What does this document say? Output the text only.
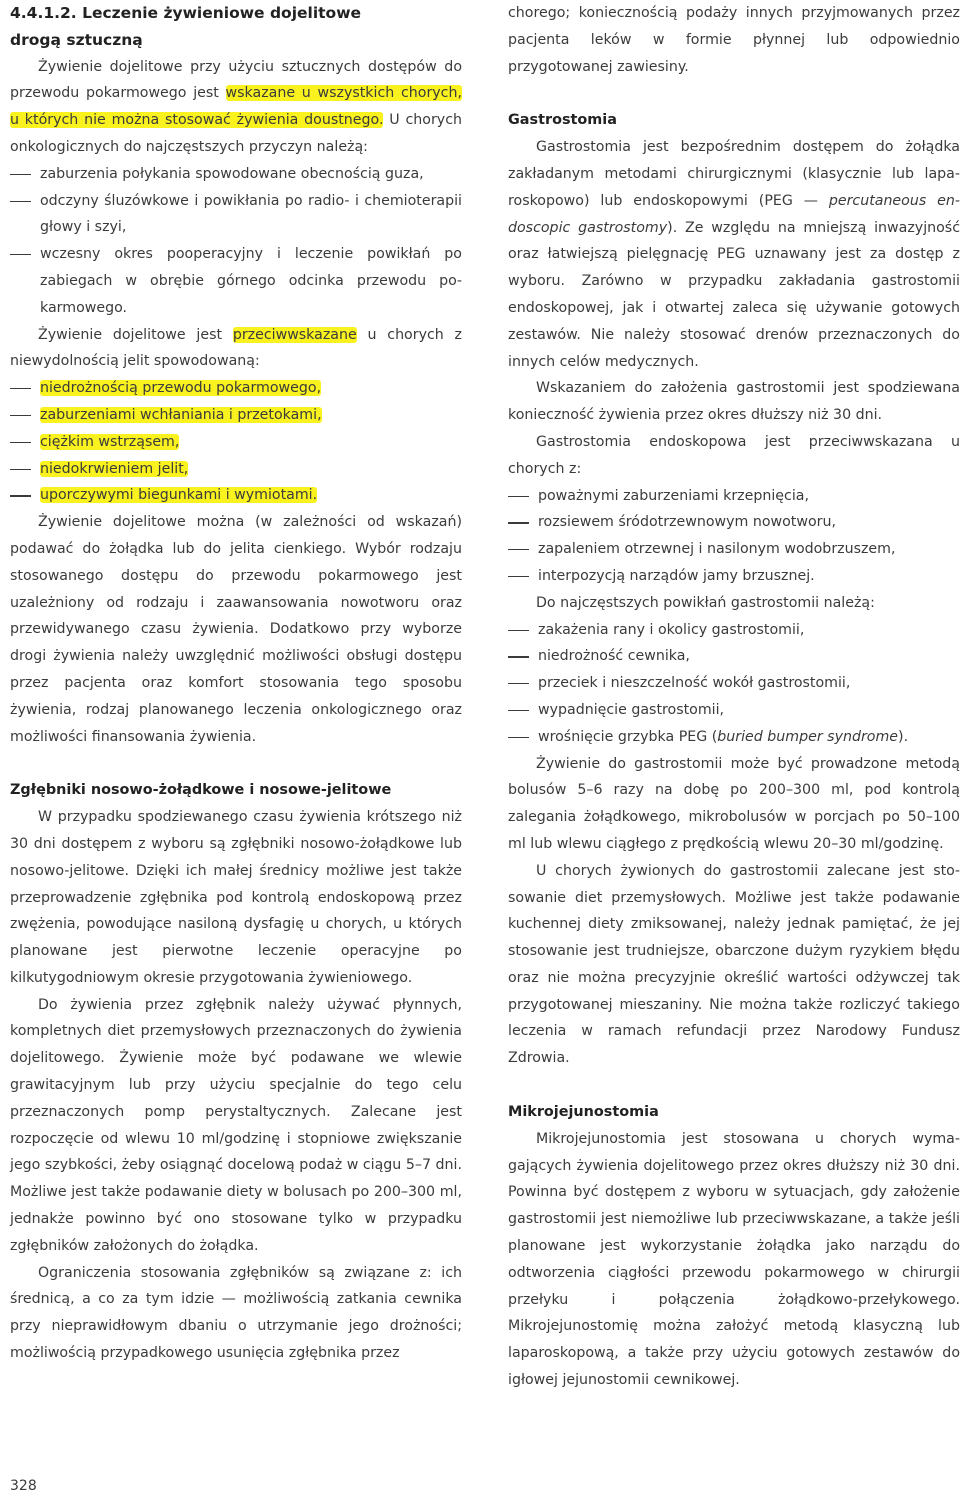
4.4.1.2. Leczenie żywieniowe dojelitowe
drogą sztuczną

Żywienie dojelitowe przy użyciu sztucznych dostępów do przewodu pokarmowego jest wskazane u wszystkich chorych, u których nie można stosować żywienia doustnego. U chorych onkologicznych do najczęstszych przyczyn należą:

zaburzenia połykania spowodowane obecnością guza,
odczyny śluzówkowe i powikłania po radio- i chemioterapii głowy i szyi,
wczesny okres pooperacyjny i leczenie powikłań po zabiegach w obrębie górnego odcinka przewodu pokarmowego.

Żywienie dojelitowe jest przeciwwskazane u chorych z niewydolnością jelit spowodowaną:

niedrożnością przewodu pokarmowego,
zaburzeniami wchłaniania i przetokami,
ciężkim wstrząsem,
niedokrwieniem jelit,
uporczywymi biegunkami i wymiotami.

Żywienie dojelitowe można (w zależności od wskazań) podawać do żołądka lub do jelita cienkiego. Wybór rodzaju stosowanego dostępu do przewodu pokarmowego jest uzależniony od rodzaju i zaawansowania nowotworu oraz przewidywanego czasu żywienia. Dodatkowo przy wyborze drogi żywienia należy uwzględnić możliwości obsługi dostępu przez pacjenta oraz komfort stosowania tego sposobu żywienia, rodzaj planowanego leczenia onkologicznego oraz możliwości finansowania żywienia.

Zgłębniki nosowo-żołądkowe i nosowe-jelitowe

W przypadku spodziewanego czasu żywienia krótszego niż 30 dni dostępem z wyboru są zgłębniki nosowo-żołądkowe lub nosowo-jelitowe. Dzięki ich małej średnicy możliwe jest także przeprowadzenie zgłębnika pod kontrolą endoskopową przez zwężenia, powodujące nasiloną dysfagię u chorych, u których planowane jest pierwotne leczenie operacyjne po kilkutygodniowym okresie przygotowania żywieniowego.

Do żywienia przez zgłębnik należy używać płynnych, kompletnych diet przemysłowych przeznaczonych do żywienia dojelitowego. Żywienie może być podawane we wlewie grawitacyjnym lub przy użyciu specjalnie do tego celu przeznaczonych pomp perystaltycznych. Zalecane jest rozpoczęcie od wlewu 10 ml/godzinę i stopniowe zwiększanie jego szybkości, żeby osiągnąć docelową podaż w ciągu 5–7 dni. Możliwe jest także podawanie diety w bolusach po 200–300 ml, jednakże powinno być ono stosowane tylko w przypadku zgłębników założonych do żołądka.

Ograniczenia stosowania zgłębników są związane z: ich średnicą, a co za tym idzie — możliwością zatkania cewnika przy nieprawidłowym dbaniu o utrzymanie jego drożności; możliwością przypadkowego usunięcia zgłębnika przez

chorego; koniecznością podaży innych przyjmowanych przez pacjenta leków w formie płynnej lub odpowiednio przygotowanej zawiesiny.

Gastrostomia

Gastrostomia jest bezpośrednim dostępem do żołądka zakładanym metodami chirurgicznymi (klasycznie lub laparoskopowo) lub endoskopowymi (PEG — percutaneous endoscopic gastrostomy). Ze względu na mniejszą inwazyjność oraz łatwiejszą pielęgnację PEG uznawany jest za dostęp z wyboru. Zarówno w przypadku zakładania gastrostomii endoskopowej, jak i otwartej zaleca się używanie gotowych zestawów. Nie należy stosować drenów przeznaczonych do innych celów medycznych.

Wskazaniem do założenia gastrostomii jest spodziewana konieczność żywienia przez okres dłuższy niż 30 dni.

Gastrostomia endoskopowa jest przeciwwskazana u chorych z:

poważnymi zaburzeniami krzepnięcia,
rozsiewem śródotrzewnowym nowotworu,
zapaleniem otrzewnej i nasilonym wodobrzuszem,
interpozycją narządów jamy brzusznej.

Do najczęstszych powikłań gastrostomii należą:

zakażenia rany i okolicy gastrostomii,
niedrożność cewnika,
przeciek i nieszczelność wokół gastrostomii,
wypadnięcie gastrostomii,
wrośnięcie grzybka PEG (buried bumper syndrome).

Żywienie do gastrostomii może być prowadzone metodą bolusów 5–6 razy na dobę po 200–300 ml, pod kontrolą zalegania żołądkowego, mikrobolusów w porcjach po 50–100 ml lub wlewu ciągłego z prędkością wlewu 20–30 ml/godzinę.

U chorych żywionych do gastrostomii zalecane jest stosowanie diet przemysłowych. Możliwe jest także podawanie kuchennej diety zmiksowanej, należy jednak pamiętać, że jej stosowanie jest trudniejsze, obarczone dużym ryzykiem błędu oraz nie można precyzyjnie określić wartości odżywczej tak przygotowanej mieszaniny. Nie można także rozliczyć takiego leczenia w ramach refundacji przez Narodowy Fundusz Zdrowia.

Mikrojejunostomia

Mikrojejunostomia jest stosowana u chorych wymagających żywienia dojelitowego przez okres dłuższy niż 30 dni. Powinna być dostępem z wyboru w sytuacjach, gdy założenie gastrostomii jest niemożliwe lub przeciwwskazane, a także jeśli planowane jest wykorzystanie żołądka jako narządu do odtworzenia ciągłości przewodu pokarmowego w chirurgii przełyku i połączenia żołądkowo-przełykowego. Mikrojejunostomię można założyć metodą klasyczną lub laparoskopową, a także przy użyciu gotowych zestawów do igłowej jejunostomii cewnikowej.

328
